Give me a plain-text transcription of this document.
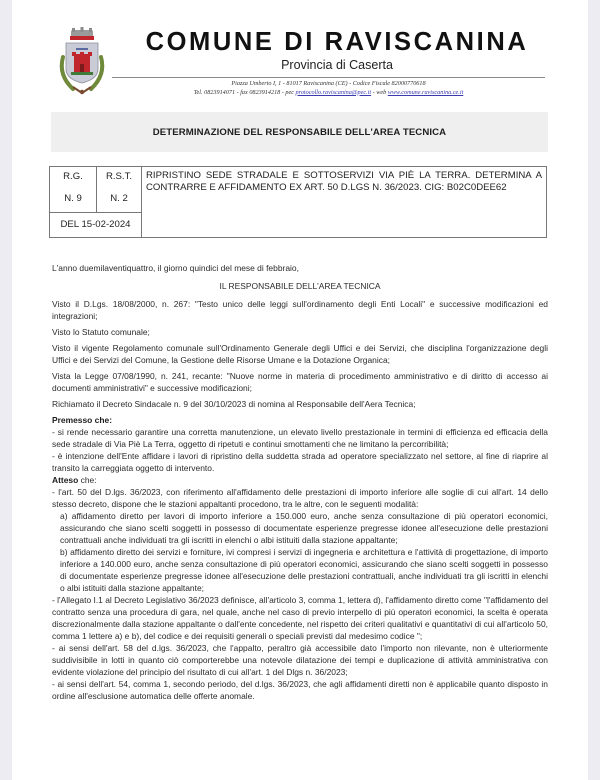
COMUNE DI RAVISCANINA
Provincia di Caserta
Piazza Umberto I, 1 - 81017 Raviscanina (CE) - Codice Fiscale 82000770618
Tel. 0823914071 - fax 0823914218 - pec protocollo.raviscanina@pec.it - web www.comune.raviscanina.ce.it
DETERMINAZIONE DEL RESPONSABILE DELL'AREA TECNICA
R.G.
N. 9
R.S.T.
N. 2
DEL 15-02-2024
RIPRISTINO SEDE STRADALE E SOTTOSERVIZI VIA PIÈ LA TERRA. DETERMINA A CONTRARRE E AFFIDAMENTO EX ART. 50 D.LGS N. 36/2023. CIG: B02C0DEE62

L'anno duemilaventiquattro, il giorno quindici del mese di febbraio,

IL RESPONSABILE DELL'AREA TECNICA

Visto il D.Lgs. 18/08/2000, n. 267: "Testo unico delle leggi sull'ordinamento degli Enti Locali" e successive modificazioni ed integrazioni;

Visto lo Statuto comunale;

Visto il vigente Regolamento comunale sull'Ordinamento Generale degli Uffici e dei Servizi, che disciplina l'organizzazione degli Uffici e dei Servizi del Comune, la Gestione delle Risorse Umane e la Dotazione Organica;

Vista la Legge 07/08/1990, n. 241, recante: "Nuove norme in materia di procedimento amministrativo e di diritto di accesso ai documenti amministrativi" e successive modificazioni;

Richiamato il Decreto Sindacale n. 9 del 30/10/2023 di nomina al Responsabile dell'Aera Tecnica;

Premesso che:

- si rende necessario garantire una corretta manutenzione, un elevato livello prestazionale in termini di efficienza ed efficacia della sede stradale di Via Piè La Terra, oggetto di ripetuti e continui smottamenti che ne limitano la percorribilità;

- è intenzione dell'Ente affidare i lavori di ripristino della suddetta strada ad operatore specializzato nel settore, al fine di riaprire al transito la carreggiata oggetto di intervento.

Atteso che:

- l'art. 50 del D.lgs. 36/2023, con riferimento all'affidamento delle prestazioni di importo inferiore alle soglie di cui all'art. 14 dello stesso decreto, dispone che le stazioni appaltanti procedono, tra le altre, con le seguenti modalità:

a) affidamento diretto per lavori di importo inferiore a 150.000 euro, anche senza consultazione di più operatori economici, assicurando che siano scelti soggetti in possesso di documentate esperienze pregresse idonee all'esecuzione delle prestazioni contrattuali anche individuati tra gli iscritti in elenchi o albi istituiti dalla stazione appaltante;

b) affidamento diretto dei servizi e forniture, ivi compresi i servizi di ingegneria e architettura e l'attività di progettazione, di importo inferiore a 140.000 euro, anche senza consultazione di più operatori economici, assicurando che siano scelti soggetti in possesso di documentate esperienze pregresse idonee all'esecuzione delle prestazioni contrattuali, anche individuati tra gli iscritti in elenchi o albi istituiti dalla stazione appaltante;

- l'Allegato I.1 al Decreto Legislativo 36/2023 definisce, all'articolo 3, comma 1, lettera d), l'affidamento diretto come "l'affidamento del contratto senza una procedura di gara, nel quale, anche nel caso di previo interpello di più operatori economici, la scelta è operata discrezionalmente dalla stazione appaltante o dall'ente concedente, nel rispetto dei criteri qualitativi e quantitativi di cui all'articolo 50, comma 1 lettere a) e b), del codice e dei requisiti generali o speciali previsti dal medesimo codice ";

- ai sensi dell'art. 58 del d.lgs. 36/2023, che l'appalto, peraltro già accessibile dato l'importo non rilevante, non è ulteriormente suddivisibile in lotti in quanto ciò comporterebbe una notevole dilatazione dei tempi e duplicazione di attività amministrativa con evidente violazione del principio del risultato di cui all'art. 1 del Dlgs n. 36/2023;

- ai sensi dell'art. 54, comma 1, secondo periodo, del d.lgs. 36/2023, che agli affidamenti diretti non è applicabile quanto disposto in ordine all'esclusione automatica delle offerte anomale.
